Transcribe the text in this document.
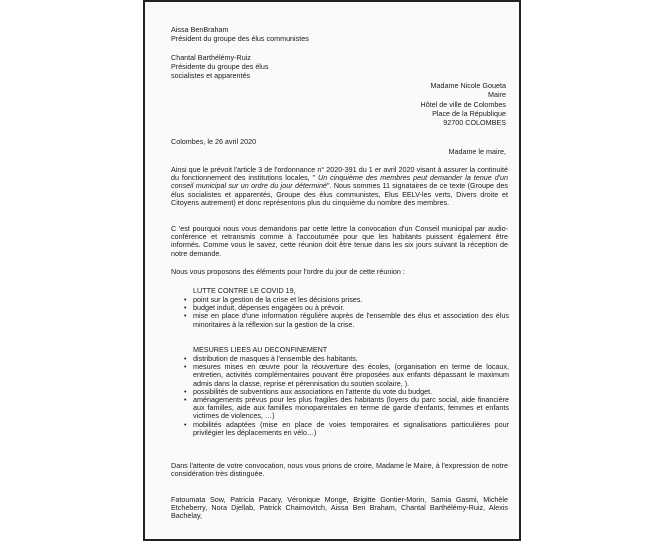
Aissa BenBraham
Président du groupe des élus communistes
Chantal Barthélémy-Ruiz
Présidente du groupe des élus
socialistes et apparentés
Madame Nicole Goueta
Maire
Hôtel de ville de Colombes
Place de la République
92700 COLOMBES
Colombes, le 26 avril 2020
Madame le maire,
Ainsi que le prévoit l'article 3 de l'ordonnance n° 2020-391 du 1 er avril 2020 visant à assurer la continuité du fonctionnement des institutions locales, " Un cinquième des membres peut demander la tenue d'un conseil municipal sur un ordre du jour déterminé". Nous sommes 11 signataires de ce texte (Groupe des élus socialistes et apparentés, Groupe des élus communistes, Elus EELV-les verts, Divers droite et Citoyens autrement) et donc représentons plus du cinquième du nombre des membres.
C 'est pourquoi nous vous demandons par cette lettre la convocation d'un Conseil municipal par audio-conférence et retransmis comme à l'accoutumée pour que les habitants puissent également être informés. Comme vous le savez, cette réunion doit être tenue dans les six jours suivant la réception de notre demande.
Nous vous proposons des éléments pour l'ordre du jour de cette réunion :
LUTTE CONTRE LE COVID 19,
• point sur la gestion de la crise et les décisions prises.
• budget induit, dépenses engagées ou à prévoir.
• mise en place d'une information régulière auprès de l'ensemble des élus et association des élus minoritaires à la réflexion sur la gestion de la crise.
MESURES LIEES AU DECONFINEMENT
• distribution de masques à l'ensemble des habitants.
• mesures mises en œuvre pour la réouverture des écoles, (organisation en terme de locaux, entretien, activités complémentaires pouvant être proposées aux enfants dépassant le maximum admis dans la classe, reprise et pérennisation du soutien scolaire, ).
• possibilités de subventions aux associations en l'attente du vote du budget.
• aménagements prévus pour les plus fragiles des habitants (loyers du parc social, aide financière aux familles, aide aux familles monoparentales en terme de garde d'enfants, femmes et enfants victimes de violences, …)
• mobilités adaptées (mise en place de voies temporaires et signalisations particulières pour privilégier les déplacements en vélo…)
Dans l'attente de votre convocation, nous vous prions de croire, Madame le Maire, à l'expression de notre considération très distinguée.
Fatoumata Sow, Patricia Pacary, Véronique Monge, Brigitte Gontier-Morin, Samia Gasmi, Michèle Etcheberry, Nora Djellab, Patrick Chaimovitch, Aissa Ben Braham, Chantal Barthélémy-Ruiz, Alexis Bachelay,
